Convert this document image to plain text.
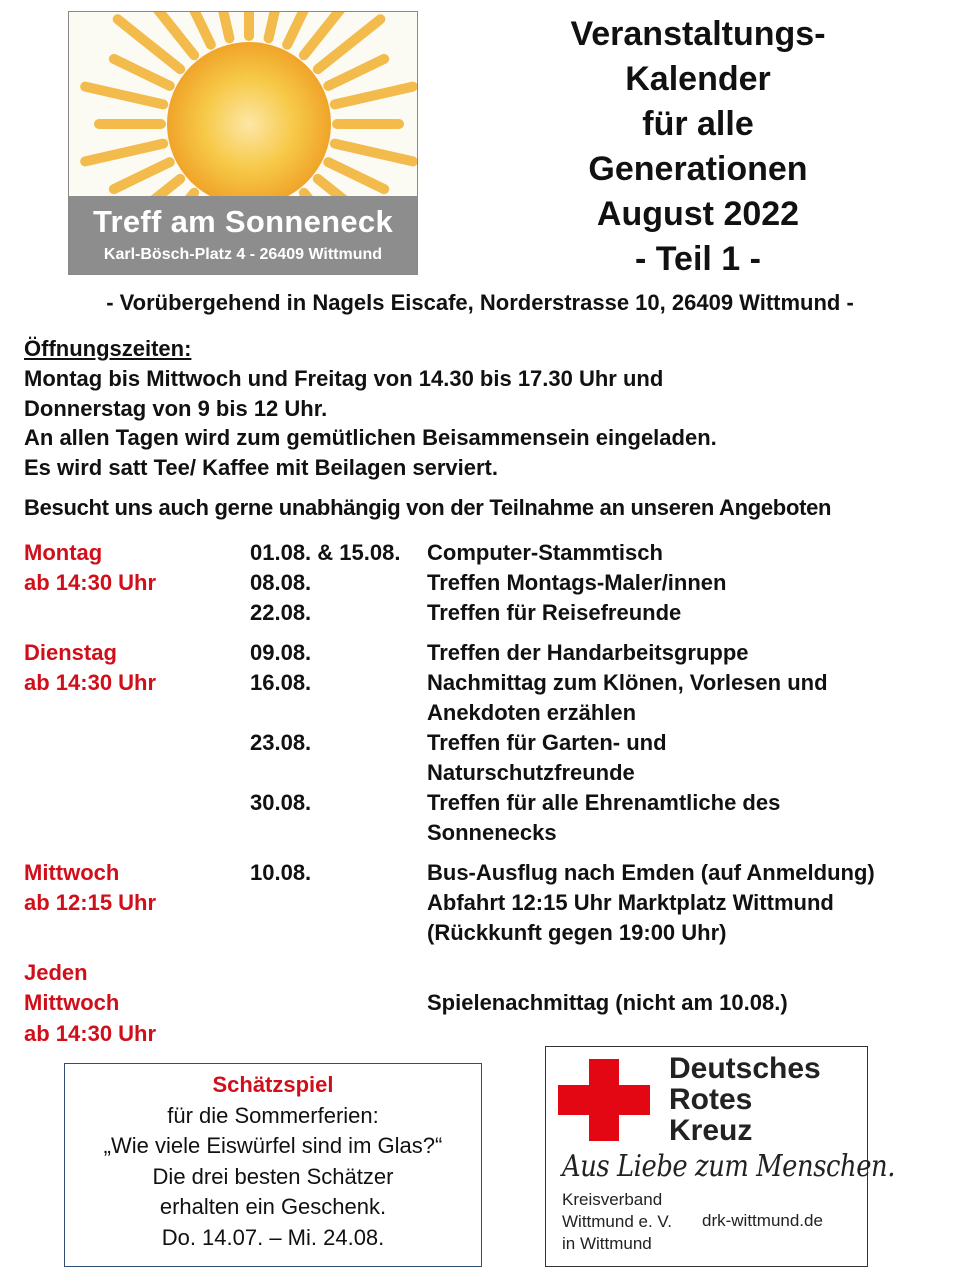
Treff am Sonneneck
Karl-Bösch-Platz 4 - 26409 Wittmund
Veranstaltungs-
Kalender
für alle
Generationen
August 2022
- Teil 1 -
- Vorübergehend in Nagels Eiscafe, Norderstrasse 10, 26409 Wittmund -
Öffnungszeiten:
Montag bis Mittwoch und Freitag von 14.30 bis 17.30 Uhr und
Donnerstag von 9 bis 12 Uhr.
An allen Tagen wird zum gemütlichen Beisammensein eingeladen.
Es wird satt Tee/ Kaffee mit Beilagen serviert.
Besucht uns auch gerne unabhängig von der Teilnahme an unseren Angeboten
Montag
ab 14:30 Uhr
01.08. & 15.08. Computer-Stammtisch
08.08.	Treffen Montags-Maler/innen
22.08.	Treffen für Reisefreunde
Dienstag
ab 14:30 Uhr
09.08.	Treffen der Handarbeitsgruppe
16.08.	Nachmittag zum Klönen, Vorlesen und
Anekdoten erzählen
23.08.	Treffen für Garten- und
Naturschutzfreunde
30.08.	Treffen für alle Ehrenamtliche des
Sonnenecks
Mittwoch
ab 12:15 Uhr
10.08.	Bus-Ausflug nach Emden (auf Anmeldung)
Abfahrt 12:15 Uhr Marktplatz Wittmund
(Rückkunft gegen 19:00 Uhr)
Jeden
Mittwoch
ab 14:30 Uhr
Spielenachmittag (nicht am 10.08.)
Schätzspiel
für die Sommerferien:
„Wie viele Eiswürfel sind im Glas?“
Die drei besten Schätzer
erhalten ein Geschenk.
Do. 14.07. – Mi. 24.08.
Deutsches
Rotes
Kreuz
Aus Liebe zum Menschen.
Kreisverband
Wittmund e. V.
in Wittmund
drk-wittmund.de
